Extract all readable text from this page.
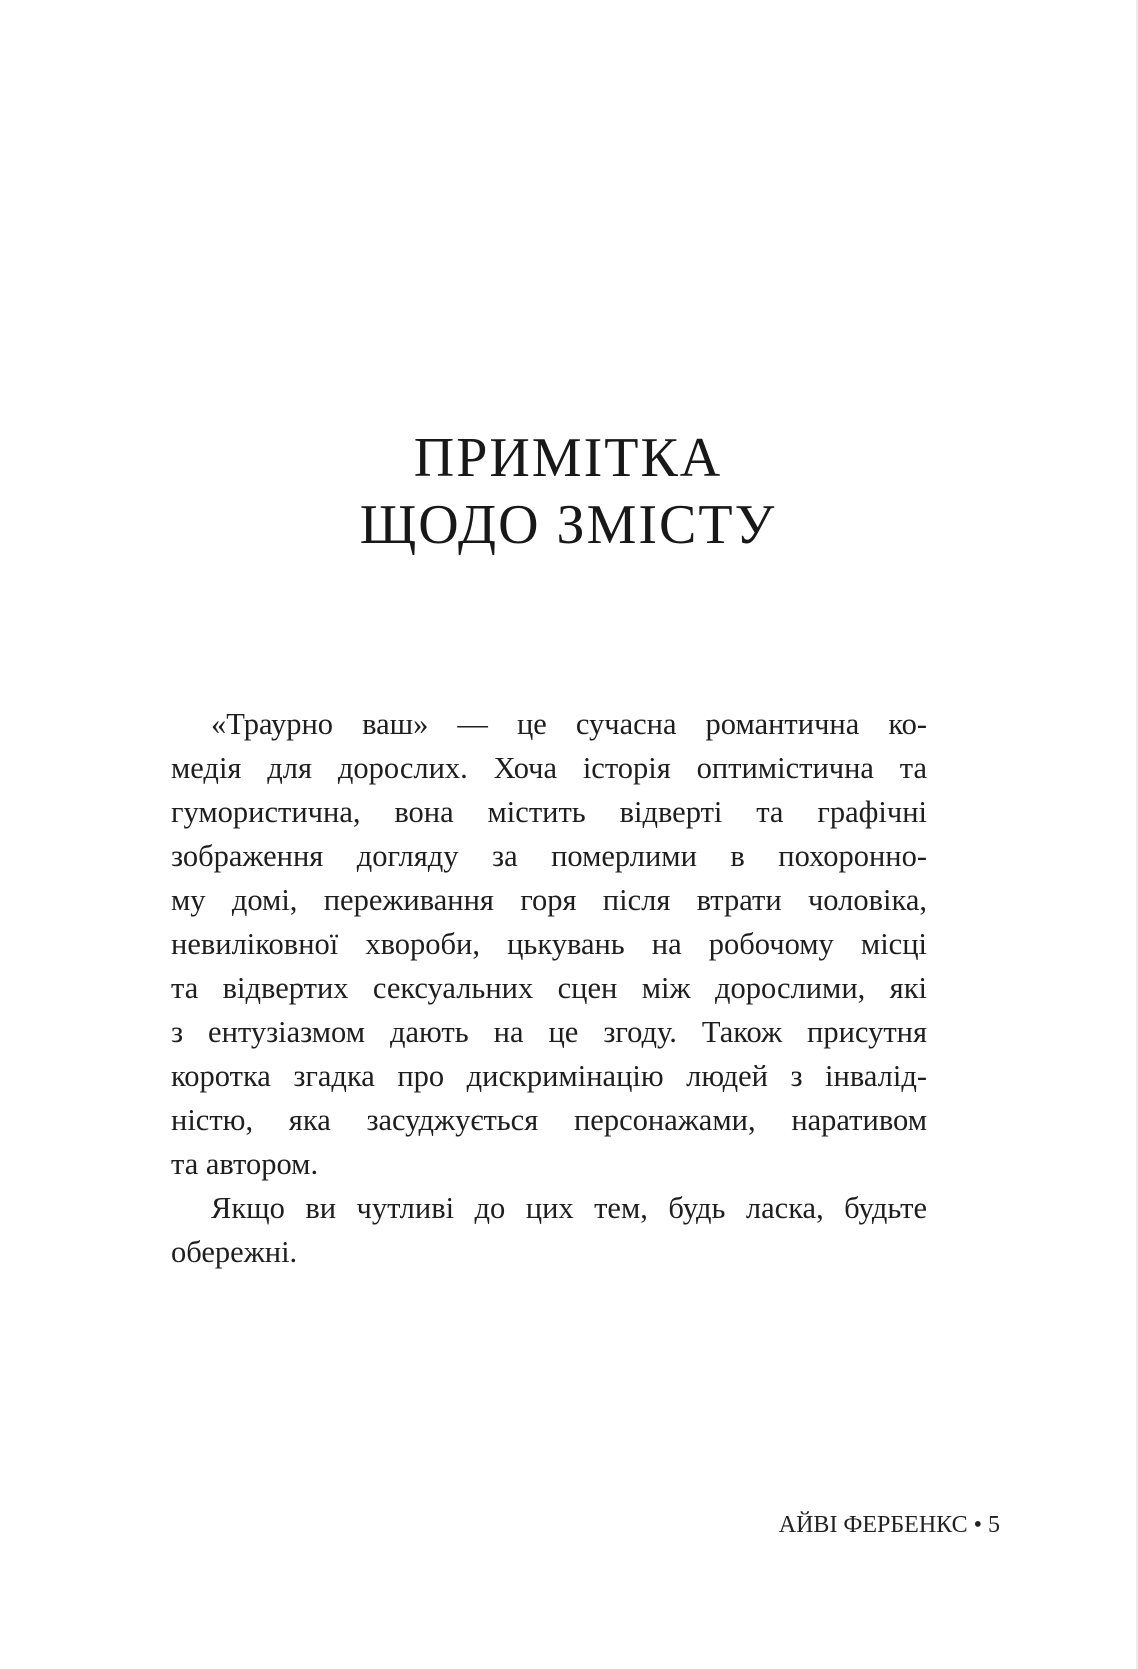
ПРИМІТКА
ЩОДО ЗМІСТУ
«Траурно ваш» — це сучасна романтична ко-
медія для дорослих. Хоча історія оптимістична та
гумористична, вона містить відверті та графічні
зображення догляду за померлими в похоронно-
му домі, переживання горя після втрати чоловіка,
невиліковної хвороби, цькувань на робочому місці
та відвертих сексуальних сцен між дорослими, які
з ентузіазмом дають на це згоду. Також присутня
коротка згадка про дискримінацію людей з інвалід-
ністю, яка засуджується персонажами, наративом
та автором.
Якщо ви чутливі до цих тем, будь ласка, будьте
обережні.
АЙВІ ФЕРБЕНКС • 5
